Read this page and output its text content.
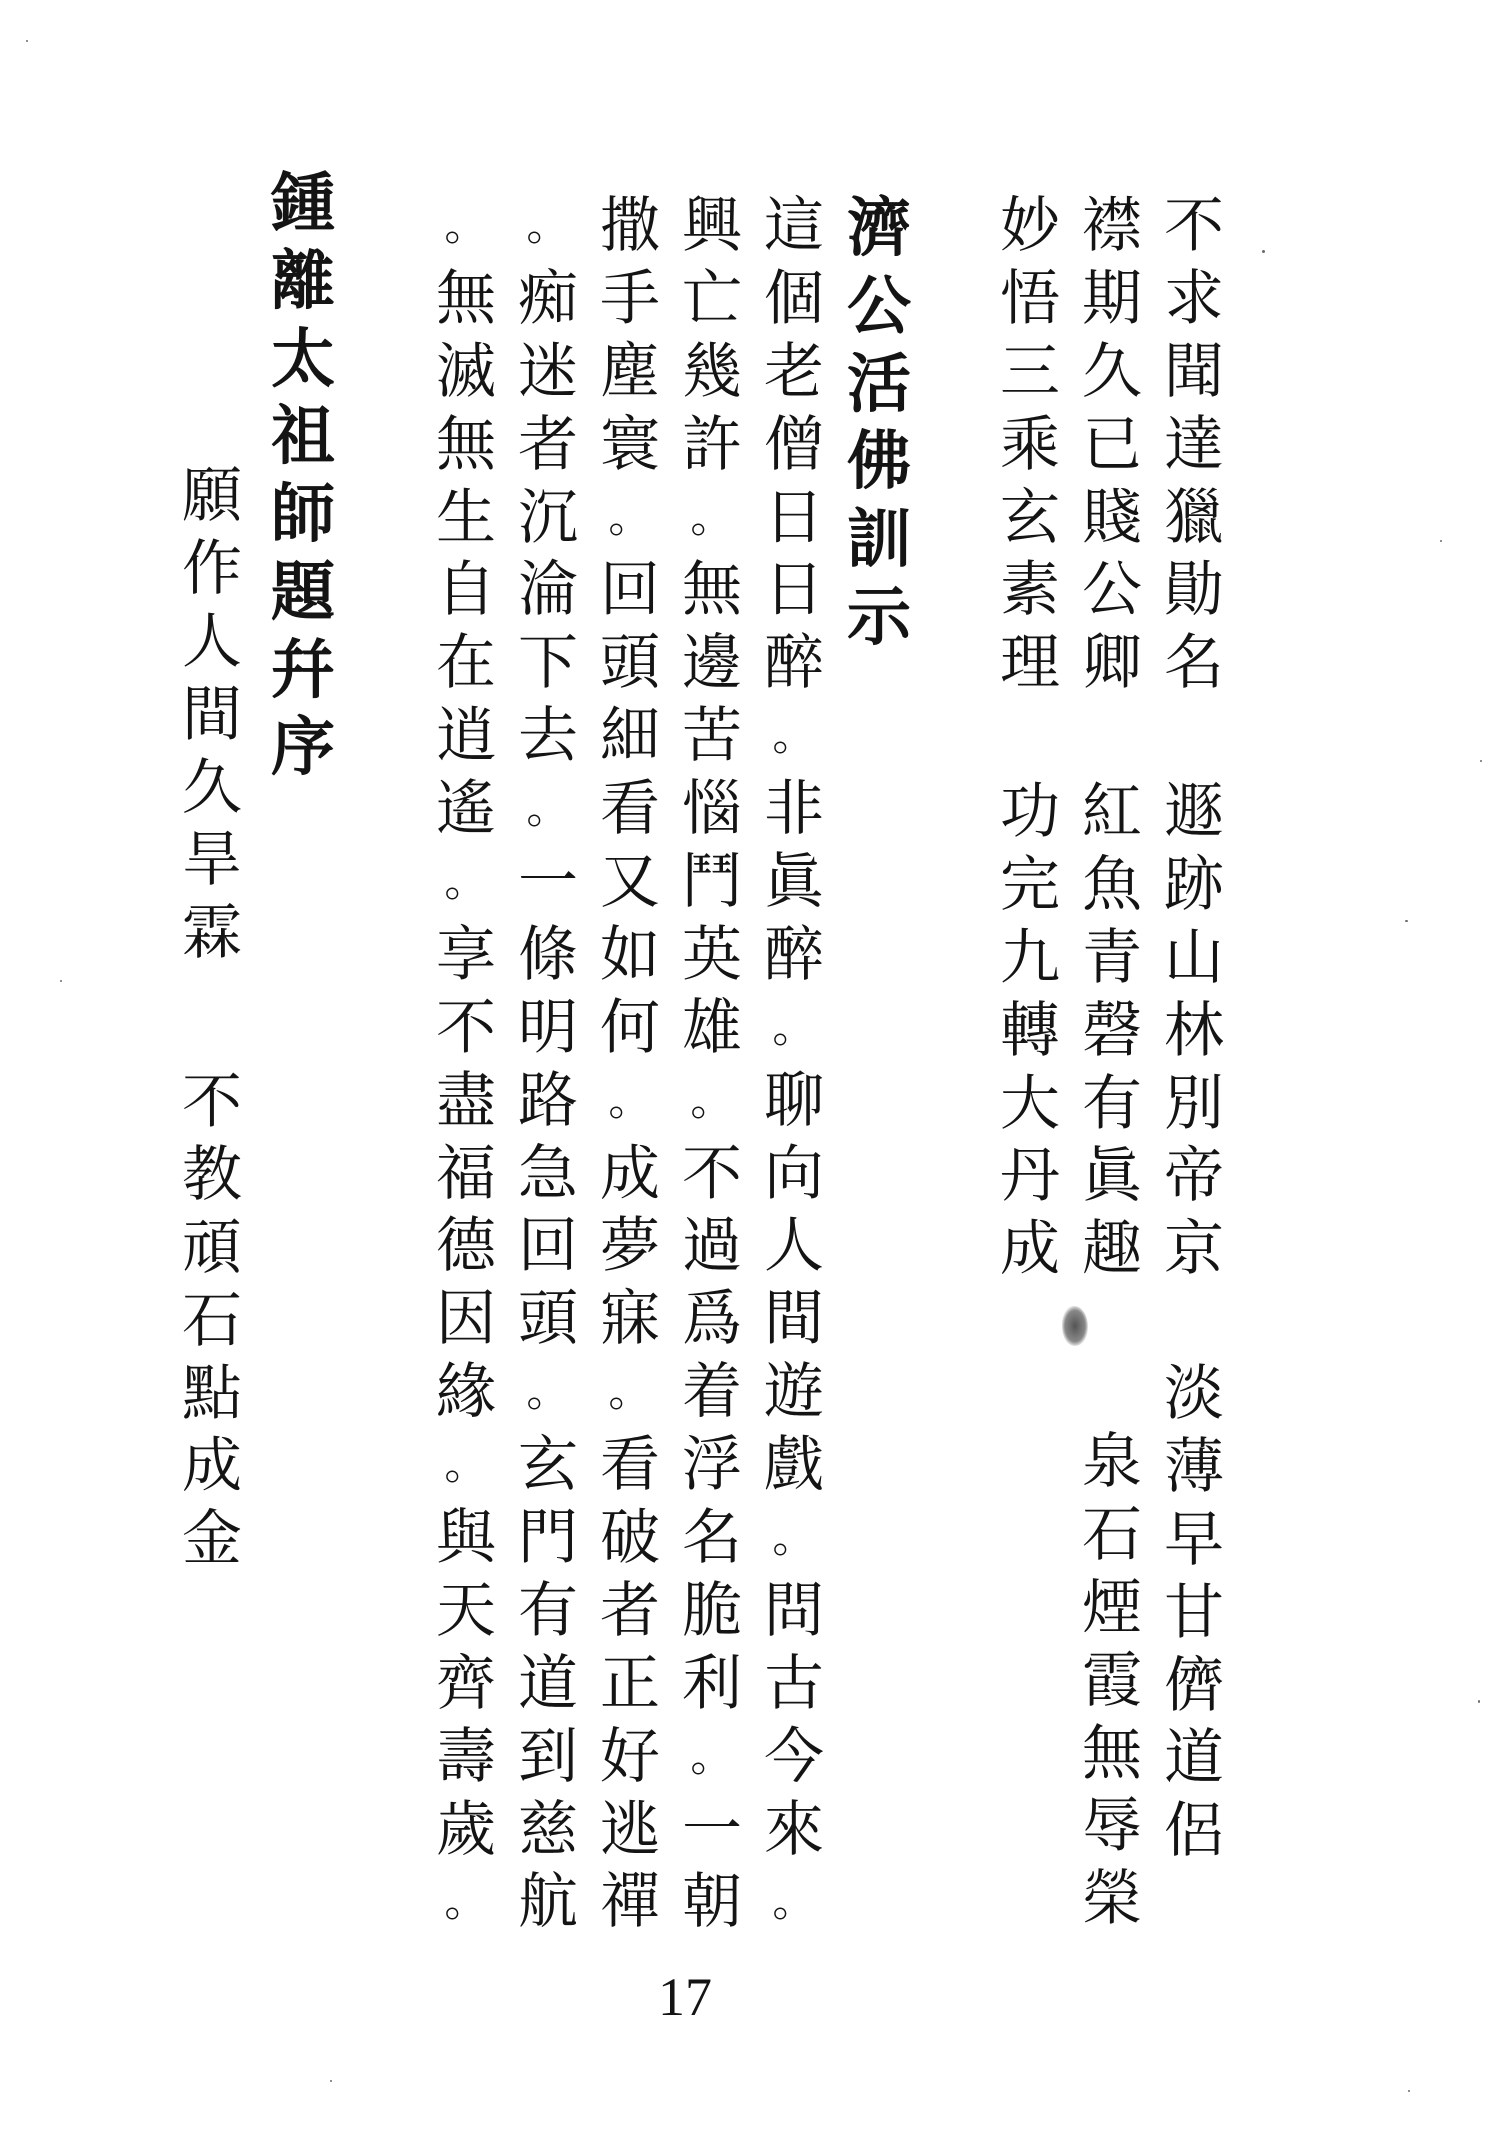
不
求
聞
達
獵
勛
名
遯
跡
山
林
別
帝
京
襟
期
久
已
賤
公
卿
紅
魚
青
磬
有
眞
趣
妙
悟
三
乘
玄
素
理
功
完
九
轉
大
丹
成
淡
薄
早
甘
儕
道
侶
泉
石
煙
霞
無
辱
榮
濟
公
活
佛
訓
示
這
個
老
僧
日
日
醉
。
非
眞
醉
。
聊
向
人
間
遊
戲
。
問
古
今
來
。
興
亡
幾
許
。
無
邊
苦
惱
鬥
英
雄
。
不
過
爲
着
浮
名
脆
利
。
一
朝
撒
手
塵
寰
。
回
頭
細
看
又
如
何
。
成
夢
寐
。
看
破
者
正
好
逃
禪
。
痴
迷
者
沉
淪
下
去
。
一
條
明
路
急
回
頭
。
玄
門
有
道
到
慈
航
。
無
滅
無
生
自
在
逍
遙
。
享
不
盡
福
德
因
緣
。
與
天
齊
壽
歲
。
鍾
離
太
祖
師
題
幷
序
願
作
人
間
久
旱
霖
不
教
頑
石
點
成
金
17
